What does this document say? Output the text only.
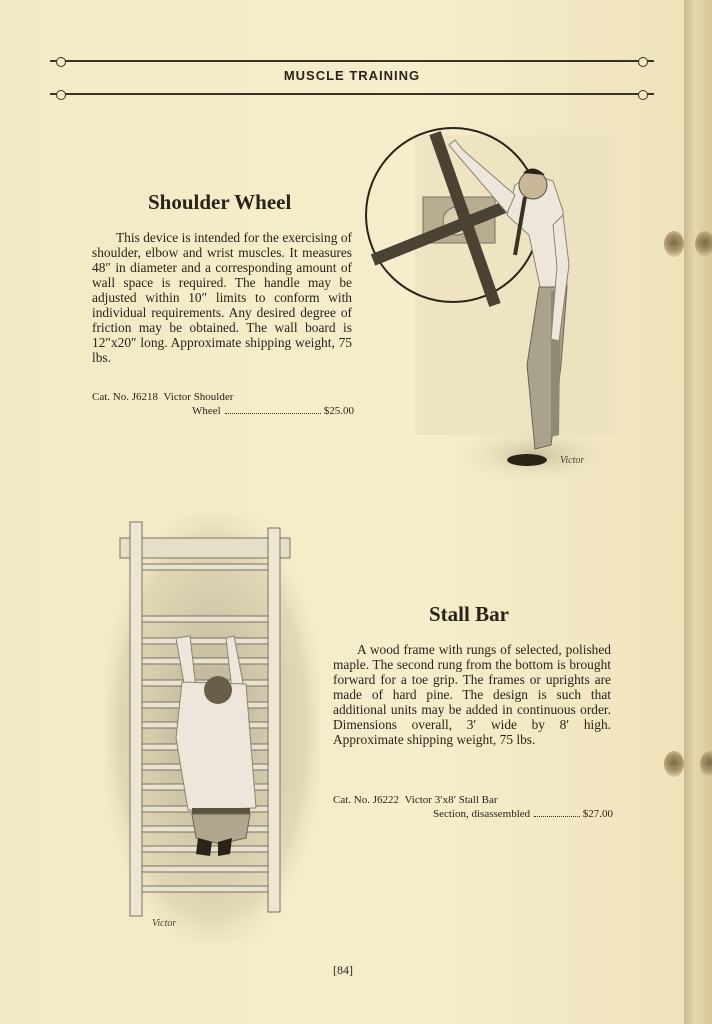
MUSCLE TRAINING
Shoulder Wheel
This device is intended for the exercising of shoulder, elbow and wrist muscles. It measures 48″ in diameter and a corresponding amount of wall space is required. The handle may be adjusted within 10″ limits to conform with individual requirements. Any desired degree of friction may be obtained. The wall board is 12″x20″ long. Approximate shipping weight, 75 lbs.
Cat. No. J6218 Victor Shoulder
Wheel	$25.00
Victor
Victor
Stall Bar
A wood frame with rungs of selected, polished maple. The second rung from the bottom is brought forward for a toe grip. The frames or uprights are made of hard pine. The design is such that additional units may be added in continuous order. Dimensions overall, 3′ wide by 8′ high. Approximate shipping weight, 75 lbs.
Cat. No. J6222 Victor 3′x8′ Stall Bar
Section, disassembled	$27.00
[84]
